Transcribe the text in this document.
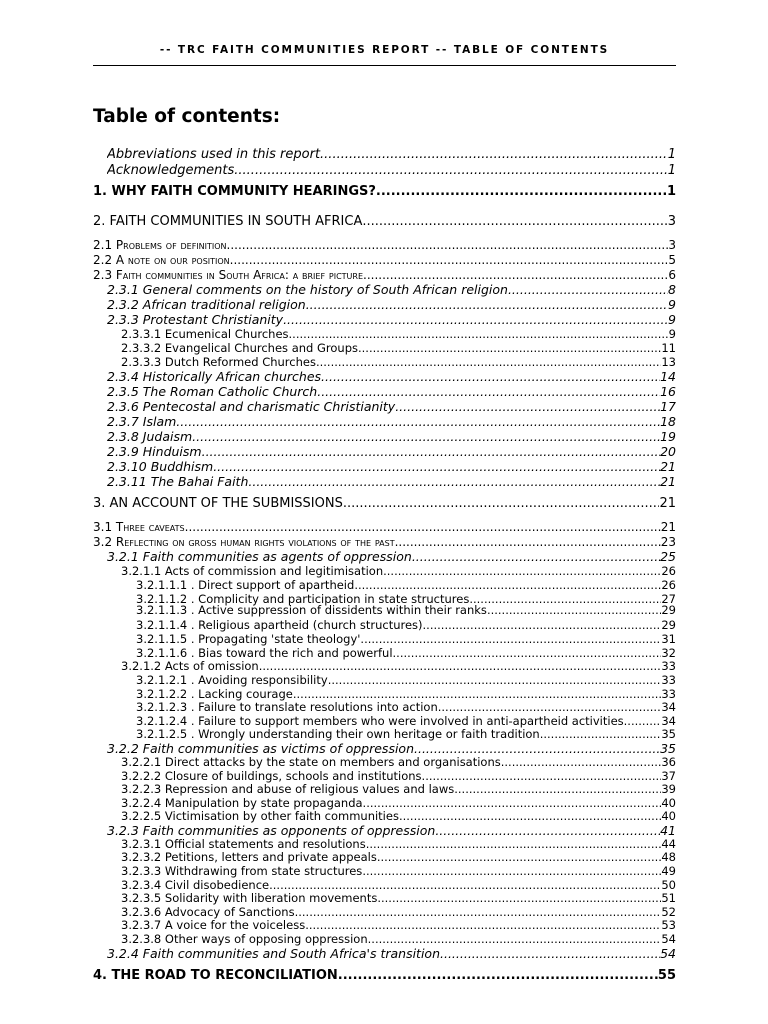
-- TRC FAITH COMMUNITIES REPORT -- TABLE OF CONTENTS
Table of contents:
Abbreviations used in this report .....	1
Acknowledgements .....	1
1. WHY FAITH COMMUNITY HEARINGS? .....	1
2. FAITH COMMUNITIES IN SOUTH AFRICA .....	3
2.1 Problems of definition .....	3
2.2 A note on our position .....	5
2.3 Faith communities in South Africa: a brief picture .....	6
2.3.1 General comments on the history of South African religion .....	8
2.3.2 African traditional religion .....	9
2.3.3 Protestant Christianity .....	9
2.3.3.1 Ecumenical Churches .....	9
2.3.3.2 Evangelical Churches and Groups .....	11
2.3.3.3 Dutch Reformed Churches .....	13
2.3.4 Historically African churches .....	14
2.3.5 The Roman Catholic Church .....	16
2.3.6 Pentecostal and charismatic Christianity .....	17
2.3.7 Islam .....	18
2.3.8 Judaism .....	19
2.3.9 Hinduism .....	20
2.3.10 Buddhism .....	21
2.3.11 The Bahai Faith .....	21
3. AN ACCOUNT OF THE SUBMISSIONS .....	21
3.1 Three caveats .....	21
3.2 Reflecting on gross human rights violations of the past .....	23
3.2.1 Faith communities as agents of oppression .....	25
3.2.1.1 Acts of commission and legitimisation .....	26
3.2.1.1.1 . Direct support of apartheid .....	26
3.2.1.1.2 . Complicity and participation in state structures .....	27
3.2.1.1.3 . Active suppression of dissidents within their ranks .....	29
3.2.1.1.4 . Religious apartheid (church structures) .....	29
3.2.1.1.5 . Propagating 'state theology' .....	31
3.2.1.1.6 . Bias toward the rich and powerful .....	32
3.2.1.2 Acts of omission .....	33
3.2.1.2.1 . Avoiding responsibility .....	33
3.2.1.2.2 . Lacking courage .....	33
3.2.1.2.3 . Failure to translate resolutions into action .....	34
3.2.1.2.4 . Failure to support members who were involved in anti-apartheid activities .....	34
3.2.1.2.5 . Wrongly understanding their own heritage or faith tradition .....	35
3.2.2 Faith communities as victims of oppression .....	35
3.2.2.1 Direct attacks by the state on members and organisations .....	36
3.2.2.2 Closure of buildings, schools and institutions .....	37
3.2.2.3 Repression and abuse of religious values and laws .....	39
3.2.2.4 Manipulation by state propaganda .....	40
3.2.2.5 Victimisation by other faith communities .....	40
3.2.3 Faith communities as opponents of oppression .....	41
3.2.3.1 Official statements and resolutions .....	44
3.2.3.2 Petitions, letters and private appeals .....	48
3.2.3.3 Withdrawing from state structures .....	49
3.2.3.4 Civil disobedience .....	50
3.2.3.5 Solidarity with liberation movements .....	51
3.2.3.6 Advocacy of Sanctions .....	52
3.2.3.7 A voice for the voiceless .....	53
3.2.3.8 Other ways of opposing oppression .....	54
3.2.4 Faith communities and South Africa's transition .....	54
4. THE ROAD TO RECONCILIATION .....	55
